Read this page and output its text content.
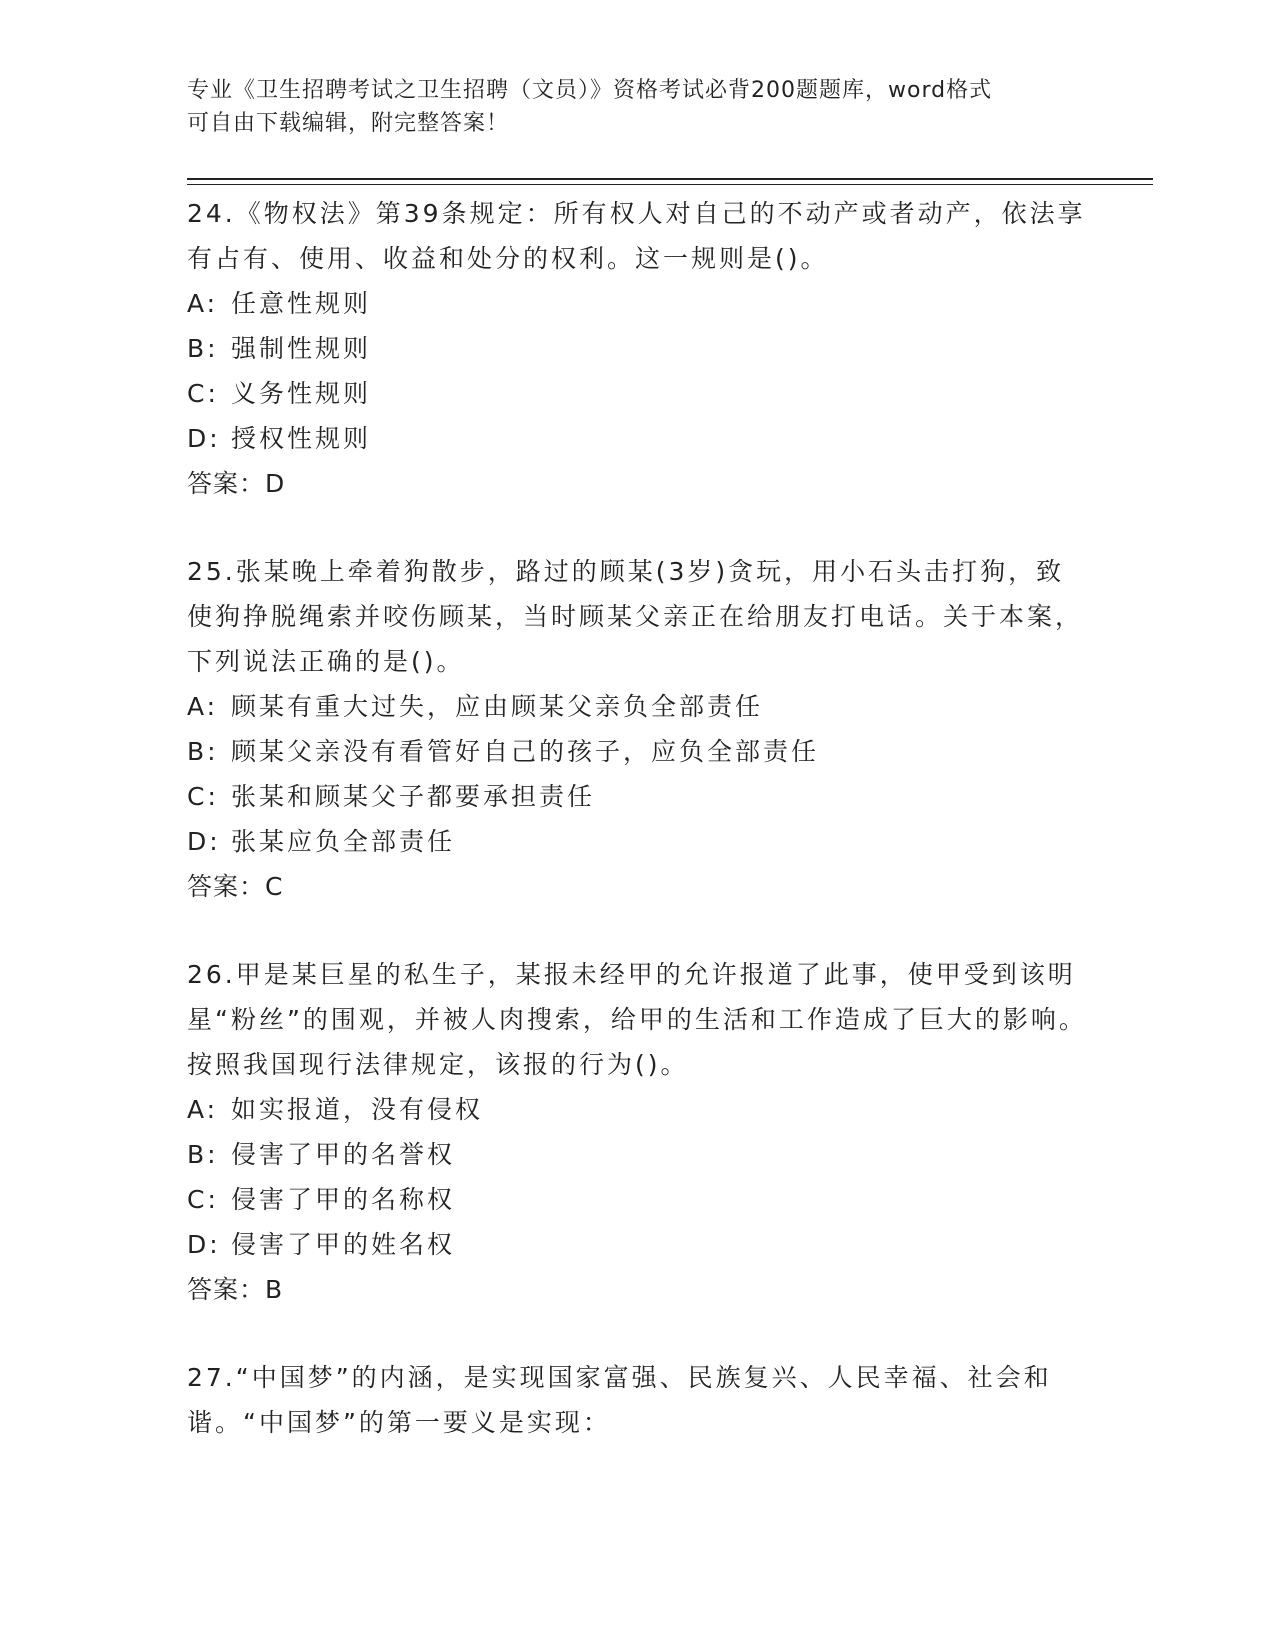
专业《卫生招聘考试之卫生招聘（文员）》资格考试必背200题题库，word格式
可自由下载编辑，附完整答案！

24.《物权法》第39条规定：所有权人对自己的不动产或者动产，依法享有占有、使用、收益和处分的权利。这一规则是()。

A: 任意性规则

B: 强制性规则

C: 义务性规则

D: 授权性规则

答案：D

25.张某晚上牵着狗散步，路过的顾某(3岁)贪玩，用小石头击打狗，致使狗挣脱绳索并咬伤顾某，当时顾某父亲正在给朋友打电话。关于本案，下列说法正确的是()。

A: 顾某有重大过失，应由顾某父亲负全部责任

B: 顾某父亲没有看管好自己的孩子，应负全部责任

C: 张某和顾某父子都要承担责任

D: 张某应负全部责任

答案：C

26.甲是某巨星的私生子，某报未经甲的允许报道了此事，使甲受到该明星“粉丝”的围观，并被人肉搜索，给甲的生活和工作造成了巨大的影响。按照我国现行法律规定，该报的行为()。

A: 如实报道，没有侵权

B: 侵害了甲的名誉权

C: 侵害了甲的名称权

D: 侵害了甲的姓名权

答案：B

27.“中国梦”的内涵，是实现国家富强、民族复兴、人民幸福、社会和谐。“中国梦”的第一要义是实现：
